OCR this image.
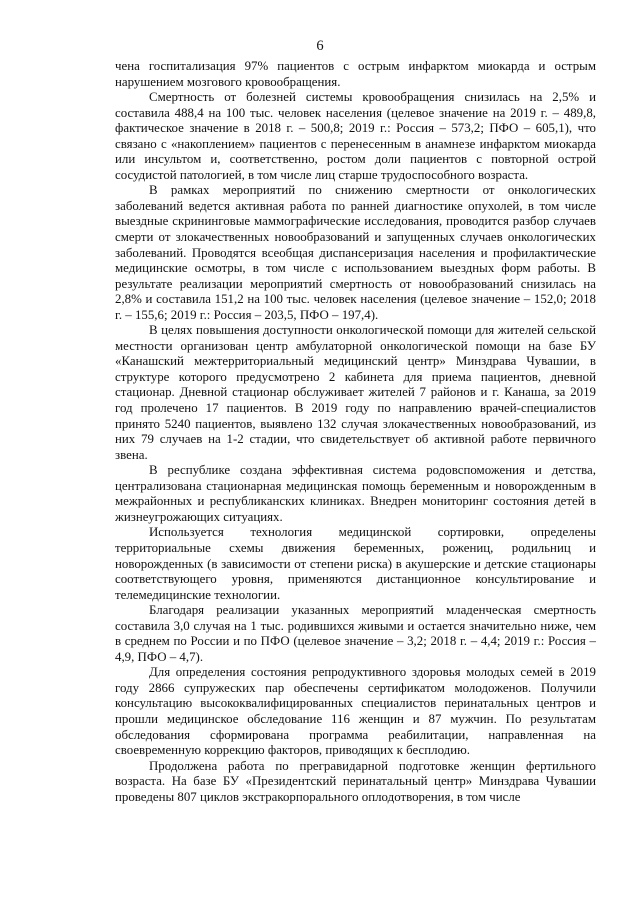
6

чена госпитализация 97% пациентов с острым инфарктом миокарда и острым нарушением мозгового кровообращения.

Смертность от болезней системы кровообращения снизилась на 2,5% и составила 488,4 на 100 тыс. человек населения (целевое значение на 2019 г. – 489,8, фактическое значение в 2018 г. – 500,8; 2019 г.: Россия – 573,2; ПФО – 605,1), что связано с «накоплением» пациентов с перенесенным в анамнезе инфарктом миокарда или инсультом и, соответственно, ростом доли пациентов с повторной острой сосудистой патологией, в том числе лиц старше трудоспособного возраста.

В рамках мероприятий по снижению смертности от онкологических заболеваний ведется активная работа по ранней диагностике опухолей, в том числе выездные скрининговые маммографические исследования, проводится разбор случаев смерти от злокачественных новообразований и запущенных случаев онкологических заболеваний. Проводятся всеобщая диспансеризация населения и профилактические медицинские осмотры, в том числе с использованием выездных форм работы. В результате реализации мероприятий смертность от новообразований снизилась на 2,8% и составила 151,2 на 100 тыс. человек населения (целевое значение – 152,0; 2018 г. – 155,6; 2019 г.: Россия – 203,5, ПФО – 197,4).

В целях повышения доступности онкологической помощи для жителей сельской местности организован центр амбулаторной онкологической помощи на базе БУ «Канашский межтерриториальный медицинский центр» Минздрава Чувашии, в структуре которого предусмотрено 2 кабинета для приема пациентов, дневной стационар. Дневной стационар обслуживает жителей 7 районов и г. Канаша, за 2019 год пролечено 17 пациентов. В 2019 году по направлению врачей-специалистов принято 5240 пациентов, выявлено 132 случая злокачественных новообразований, из них 79 случаев на 1-2 стадии, что свидетельствует об активной работе первичного звена.

В республике создана эффективная система родовспоможения и детства, централизована стационарная медицинская помощь беременным и новорожденным в межрайонных и республиканских клиниках. Внедрен мониторинг состояния детей в жизнеугрожающих ситуациях.

Используется технология медицинской сортировки, определены территориальные схемы движения беременных, рожениц, родильниц и новорожденных (в зависимости от степени риска) в акушерские и детские стационары соответствующего уровня, применяются дистанционное консультирование и телемедицинские технологии.

Благодаря реализации указанных мероприятий младенческая смертность составила 3,0 случая на 1 тыс. родившихся живыми и остается значительно ниже, чем в среднем по России и по ПФО (целевое значение – 3,2; 2018 г. – 4,4; 2019 г.: Россия – 4,9, ПФО – 4,7).

Для определения состояния репродуктивного здоровья молодых семей в 2019 году 2866 супружеских пар обеспечены сертификатом молодоженов. Получили консультацию высококвалифицированных специалистов перинатальных центров и прошли медицинское обследование 116 женщин и 87 мужчин. По результатам обследования сформирована программа реабилитации, направленная на своевременную коррекцию факторов, приводящих к бесплодию.

Продолжена работа по прегравидарной подготовке женщин фертильного возраста. На базе БУ «Президентский перинатальный центр» Минздрава Чувашии проведены 807 циклов экстракорпорального оплодотворения, в том числе
